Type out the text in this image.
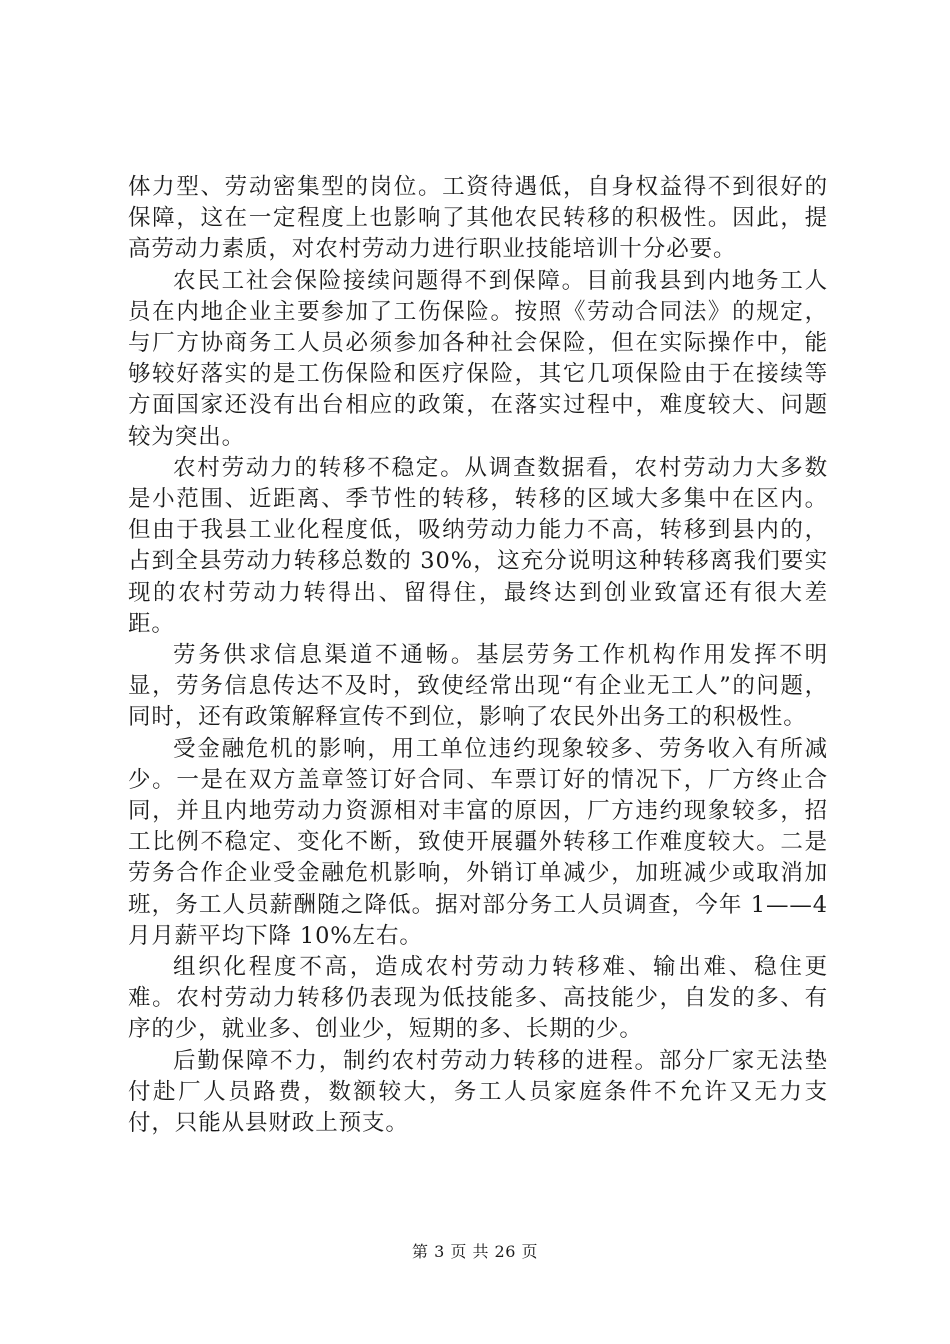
体力型、劳动密集型的岗位。工资待遇低，自身权益得不到很好的保障，这在一定程度上也影响了其他农民转移的积极性。因此，提高劳动力素质，对农村劳动力进行职业技能培训十分必要。

农民工社会保险接续问题得不到保障。目前我县到内地务工人员在内地企业主要参加了工伤保险。按照《劳动合同法》的规定，与厂方协商务工人员必须参加各种社会保险，但在实际操作中，能够较好落实的是工伤保险和医疗保险，其它几项保险由于在接续等方面国家还没有出台相应的政策，在落实过程中，难度较大、问题较为突出。

农村劳动力的转移不稳定。从调查数据看，农村劳动力大多数是小范围、近距离、季节性的转移，转移的区域大多集中在区内。但由于我县工业化程度低，吸纳劳动力能力不高，转移到县内的，占到全县劳动力转移总数的 30%，这充分说明这种转移离我们要实现的农村劳动力转得出、留得住，最终达到创业致富还有很大差距。

劳务供求信息渠道不通畅。基层劳务工作机构作用发挥不明显，劳务信息传达不及时，致使经常出现“有企业无工人”的问题，同时，还有政策解释宣传不到位，影响了农民外出务工的积极性。

受金融危机的影响，用工单位违约现象较多、劳务收入有所减少。一是在双方盖章签订好合同、车票订好的情况下，厂方终止合同，并且内地劳动力资源相对丰富的原因，厂方违约现象较多，招工比例不稳定、变化不断，致使开展疆外转移工作难度较大。二是劳务合作企业受金融危机影响，外销订单减少，加班减少或取消加班，务工人员薪酬随之降低。据对部分务工人员调查，今年 1——4 月月薪平均下降 10%左右。

组织化程度不高，造成农村劳动力转移难、输出难、稳住更难。农村劳动力转移仍表现为低技能多、高技能少，自发的多、有序的少，就业多、创业少，短期的多、长期的少。

后勤保障不力，制约农村劳动力转移的进程。部分厂家无法垫付赴厂人员路费，数额较大，务工人员家庭条件不允许又无力支付，只能从县财政上预支。

第 3 页 共 26 页
